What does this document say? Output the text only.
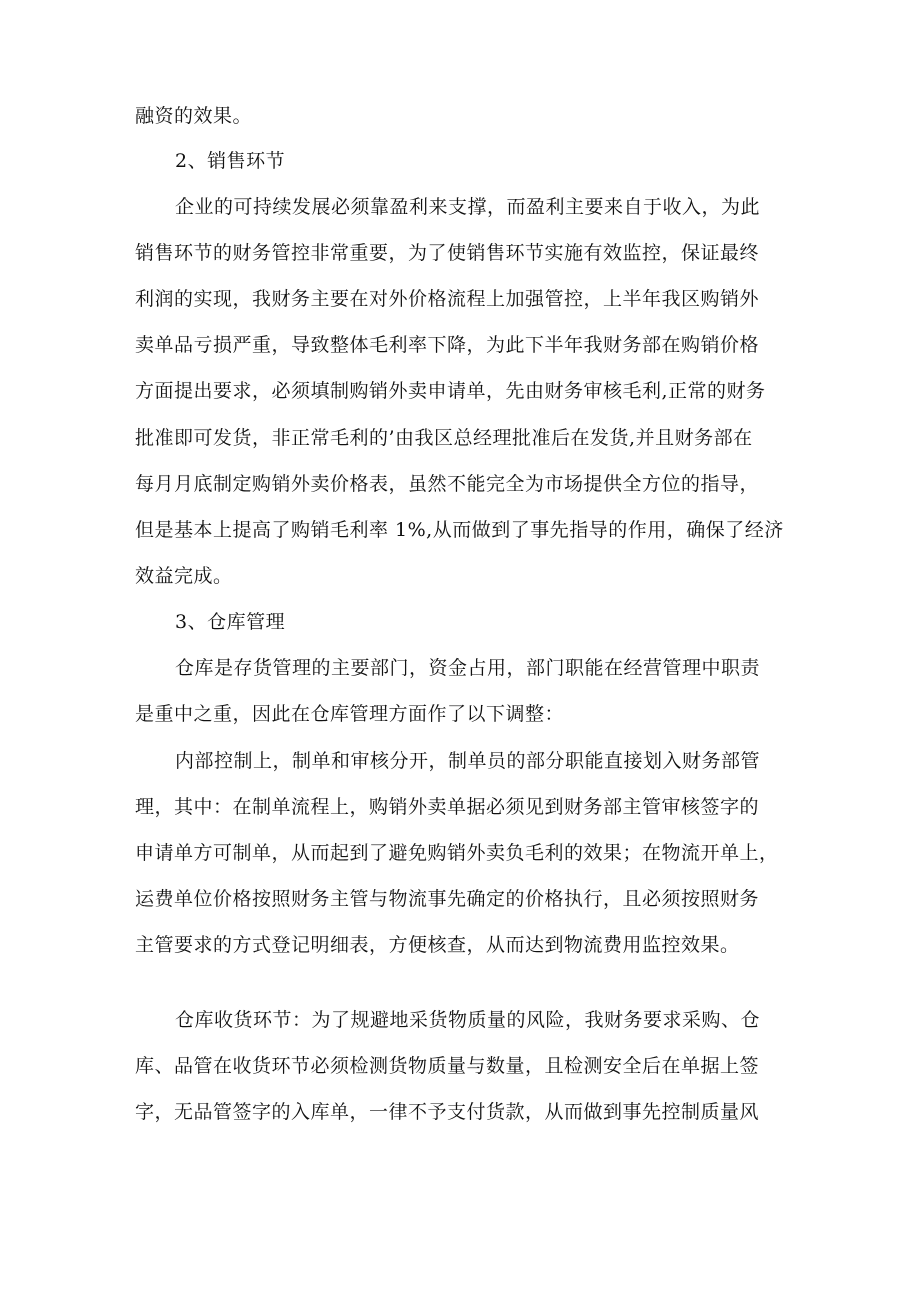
融资的效果。
2、销售环节
企业的可持续发展必须靠盈利来支撑，而盈利主要来自于收入，为此
销售环节的财务管控非常重要，为了使销售环节实施有效监控，保证最终
利润的实现，我财务主要在对外价格流程上加强管控，上半年我区购销外
卖单品亏损严重，导致整体毛利率下降，为此下半年我财务部在购销价格
方面提出要求，必须填制购销外卖申请单，先由财务审核毛利,正常的财务
批准即可发货，非正常毛利的’由我区总经理批准后在发货,并且财务部在
每月月底制定购销外卖价格表，虽然不能完全为市场提供全方位的指导，
但是基本上提高了购销毛利率 1%,从而做到了事先指导的作用，确保了经济
效益完成。
3、仓库管理
仓库是存货管理的主要部门，资金占用，部门职能在经营管理中职责
是重中之重，因此在仓库管理方面作了以下调整：
内部控制上，制单和审核分开，制单员的部分职能直接划入财务部管
理，其中：在制单流程上，购销外卖单据必须见到财务部主管审核签字的
申请单方可制单，从而起到了避免购销外卖负毛利的效果；在物流开单上，
运费单位价格按照财务主管与物流事先确定的价格执行，且必须按照财务
主管要求的方式登记明细表，方便核查，从而达到物流费用监控效果。
仓库收货环节：为了规避地采货物质量的风险，我财务要求采购、仓
库、品管在收货环节必须检测货物质量与数量，且检测安全后在单据上签
字，无品管签字的入库单，一律不予支付货款，从而做到事先控制质量风
